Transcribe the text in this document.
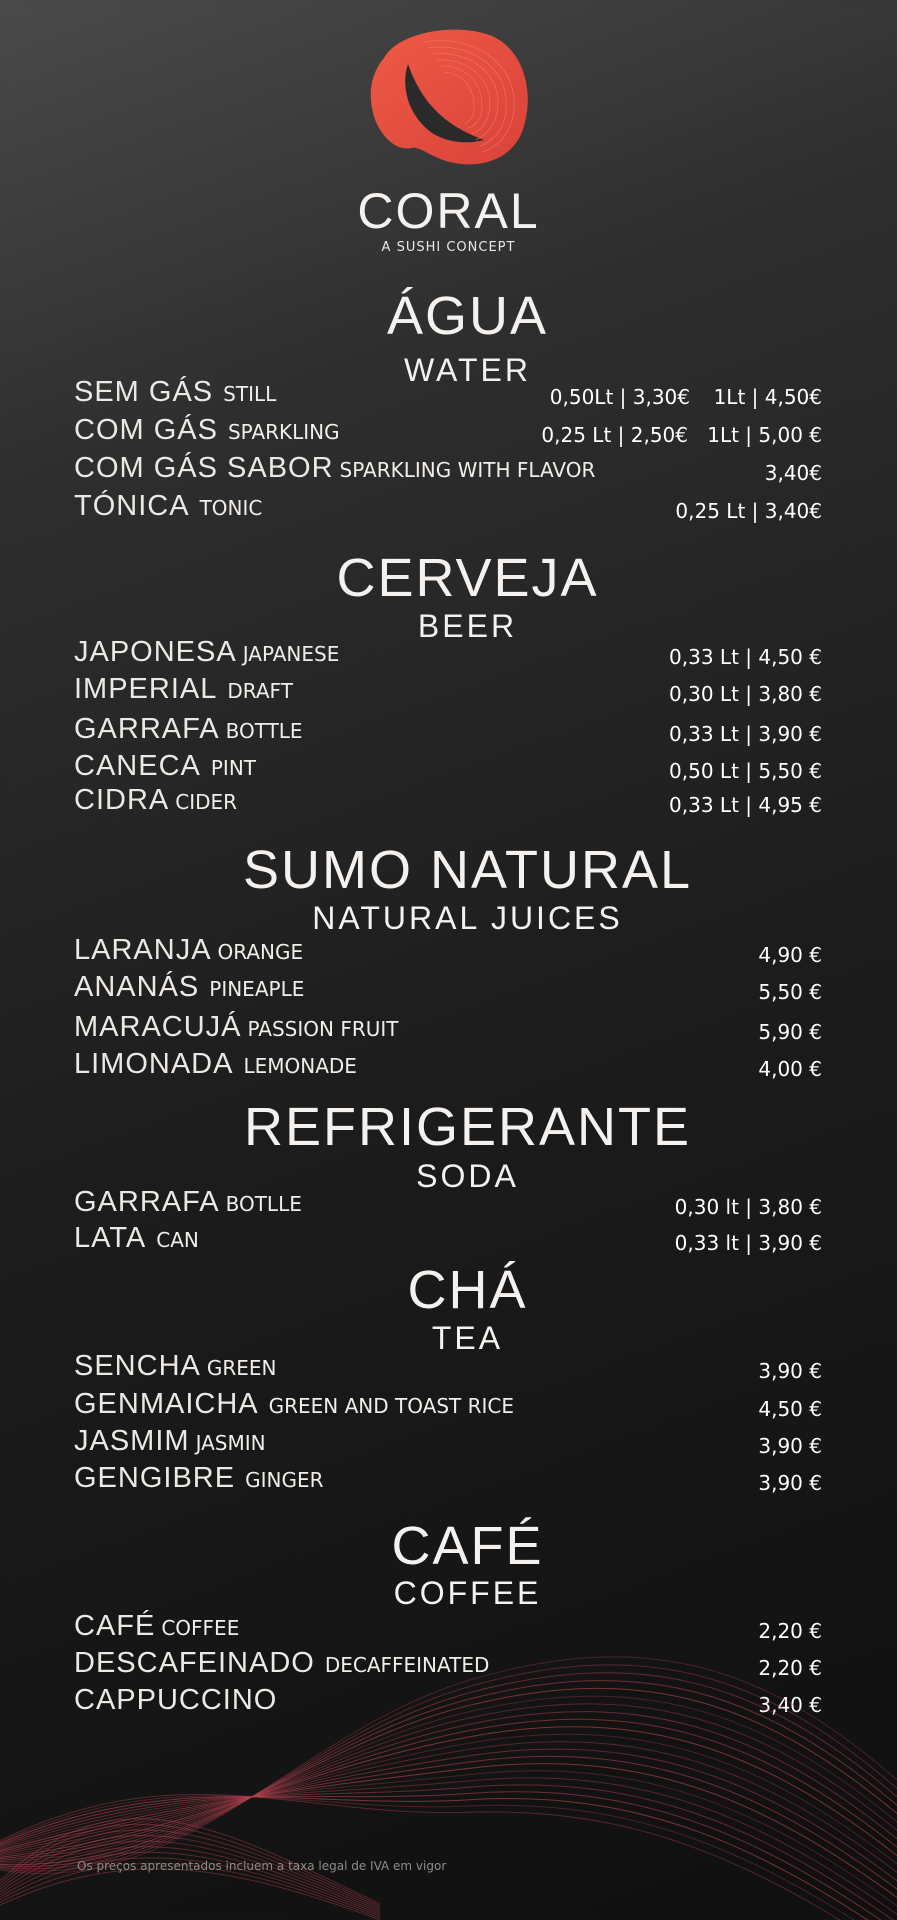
CORAL
A SUSHI CONCEPT
ÁGUA
WATER
SEM GÁS STILL	0,50Lt | 3,30€ 1Lt | 4,50€
COM GÁS SPARKLING	0,25 Lt | 2,50€ 1Lt | 5,00 €
COM GÁS SABOR SPARKLING WITH FLAVOR	3,40€
TÓNICA TONIC	0,25 Lt | 3,40€
CERVEJA
BEER
JAPONESA JAPANESE	0,33 Lt | 4,50 €
IMPERIAL DRAFT	0,30 Lt | 3,80 €
GARRAFA BOTTLE	0,33 Lt | 3,90 €
CANECA PINT	0,50 Lt | 5,50 €
CIDRA CIDER	0,33 Lt | 4,95 €
SUMO NATURAL
NATURAL JUICES
LARANJA ORANGE	4,90 €
ANANÁS PINEAPLE	5,50 €
MARACUJÁ PASSION FRUIT	5,90 €
LIMONADA LEMONADE	4,00 €
REFRIGERANTE
SODA
GARRAFA BOTLLE	0,30 lt | 3,80 €
LATA CAN	0,33 lt | 3,90 €
CHÁ
TEA
SENCHA GREEN	3,90 €
GENMAICHA GREEN AND TOAST RICE	4,50 €
JASMIM JASMIN	3,90 €
GENGIBRE GINGER	3,90 €
CAFÉ
COFFEE
CAFÉ COFFEE	2,20 €
DESCAFEINADO DECAFFEINATED	2,20 €
CAPPUCCINO	3,40 €
Os preços apresentados incluem a taxa legal de IVA em vigor
